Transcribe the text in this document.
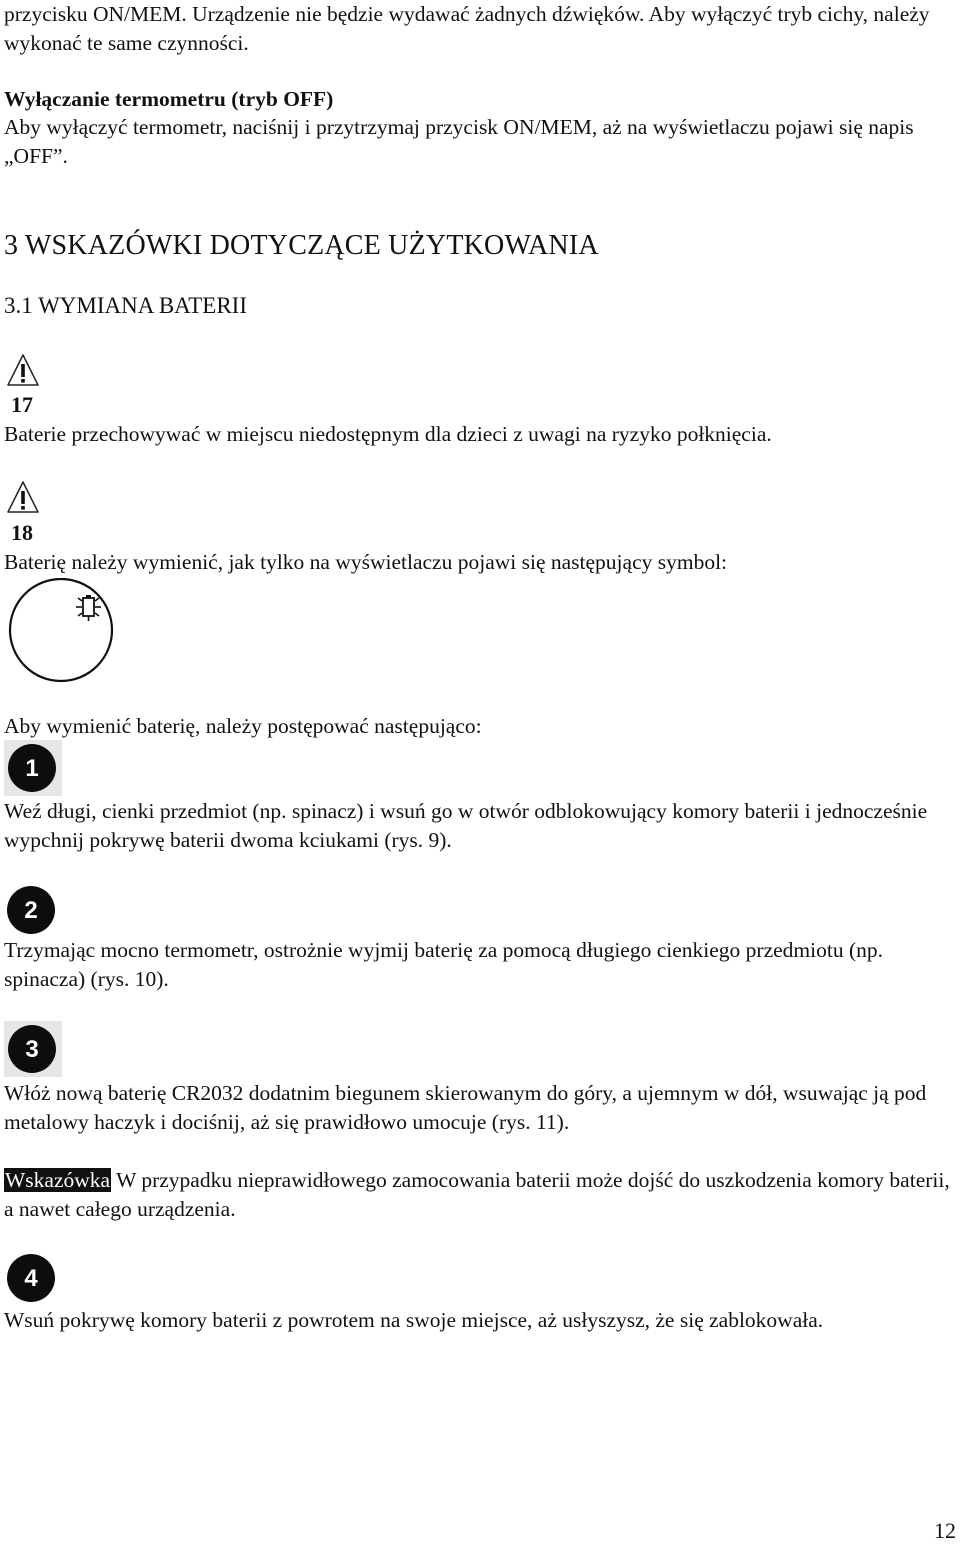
przycisku ON/MEM. Urządzenie nie będzie wydawać żadnych dźwięków. Aby wyłączyć tryb cichy, należy wykonać te same czynności.

Wyłączanie termometru (tryb OFF)

Aby wyłączyć termometr, naciśnij i przytrzymaj przycisk ON/MEM, aż na wyświetlaczu pojawi się napis „OFF”.

3 WSKAZÓWKI DOTYCZĄCE UŻYTKOWANIA
3.1 WYMIANA BATERII
17

Baterie przechowywać w miejscu niedostępnym dla dzieci z uwagi na ryzyko połknięcia.

18

Baterię należy wymienić, jak tylko na wyświetlaczu pojawi się następujący symbol:

Aby wymienić baterię, należy postępować następująco:

1

Weź długi, cienki przedmiot (np. spinacz) i wsuń go w otwór odblokowujący komory baterii i jednocześnie wypchnij pokrywę baterii dwoma kciukami (rys. 9).

2

Trzymając mocno termometr, ostrożnie wyjmij baterię za pomocą długiego cienkiego przedmiotu (np. spinacza) (rys. 10).

3

Włóż nową baterię CR2032 dodatnim biegunem skierowanym do góry, a ujemnym w dół, wsuwając ją pod metalowy haczyk i dociśnij, aż się prawidłowo umocuje (rys. 11).

Wskazówka W przypadku nieprawidłowego zamocowania baterii może dojść do uszkodzenia komory baterii, a nawet całego urządzenia.

4

Wsuń pokrywę komory baterii z powrotem na swoje miejsce, aż usłyszysz, że się zablokowała.

12
